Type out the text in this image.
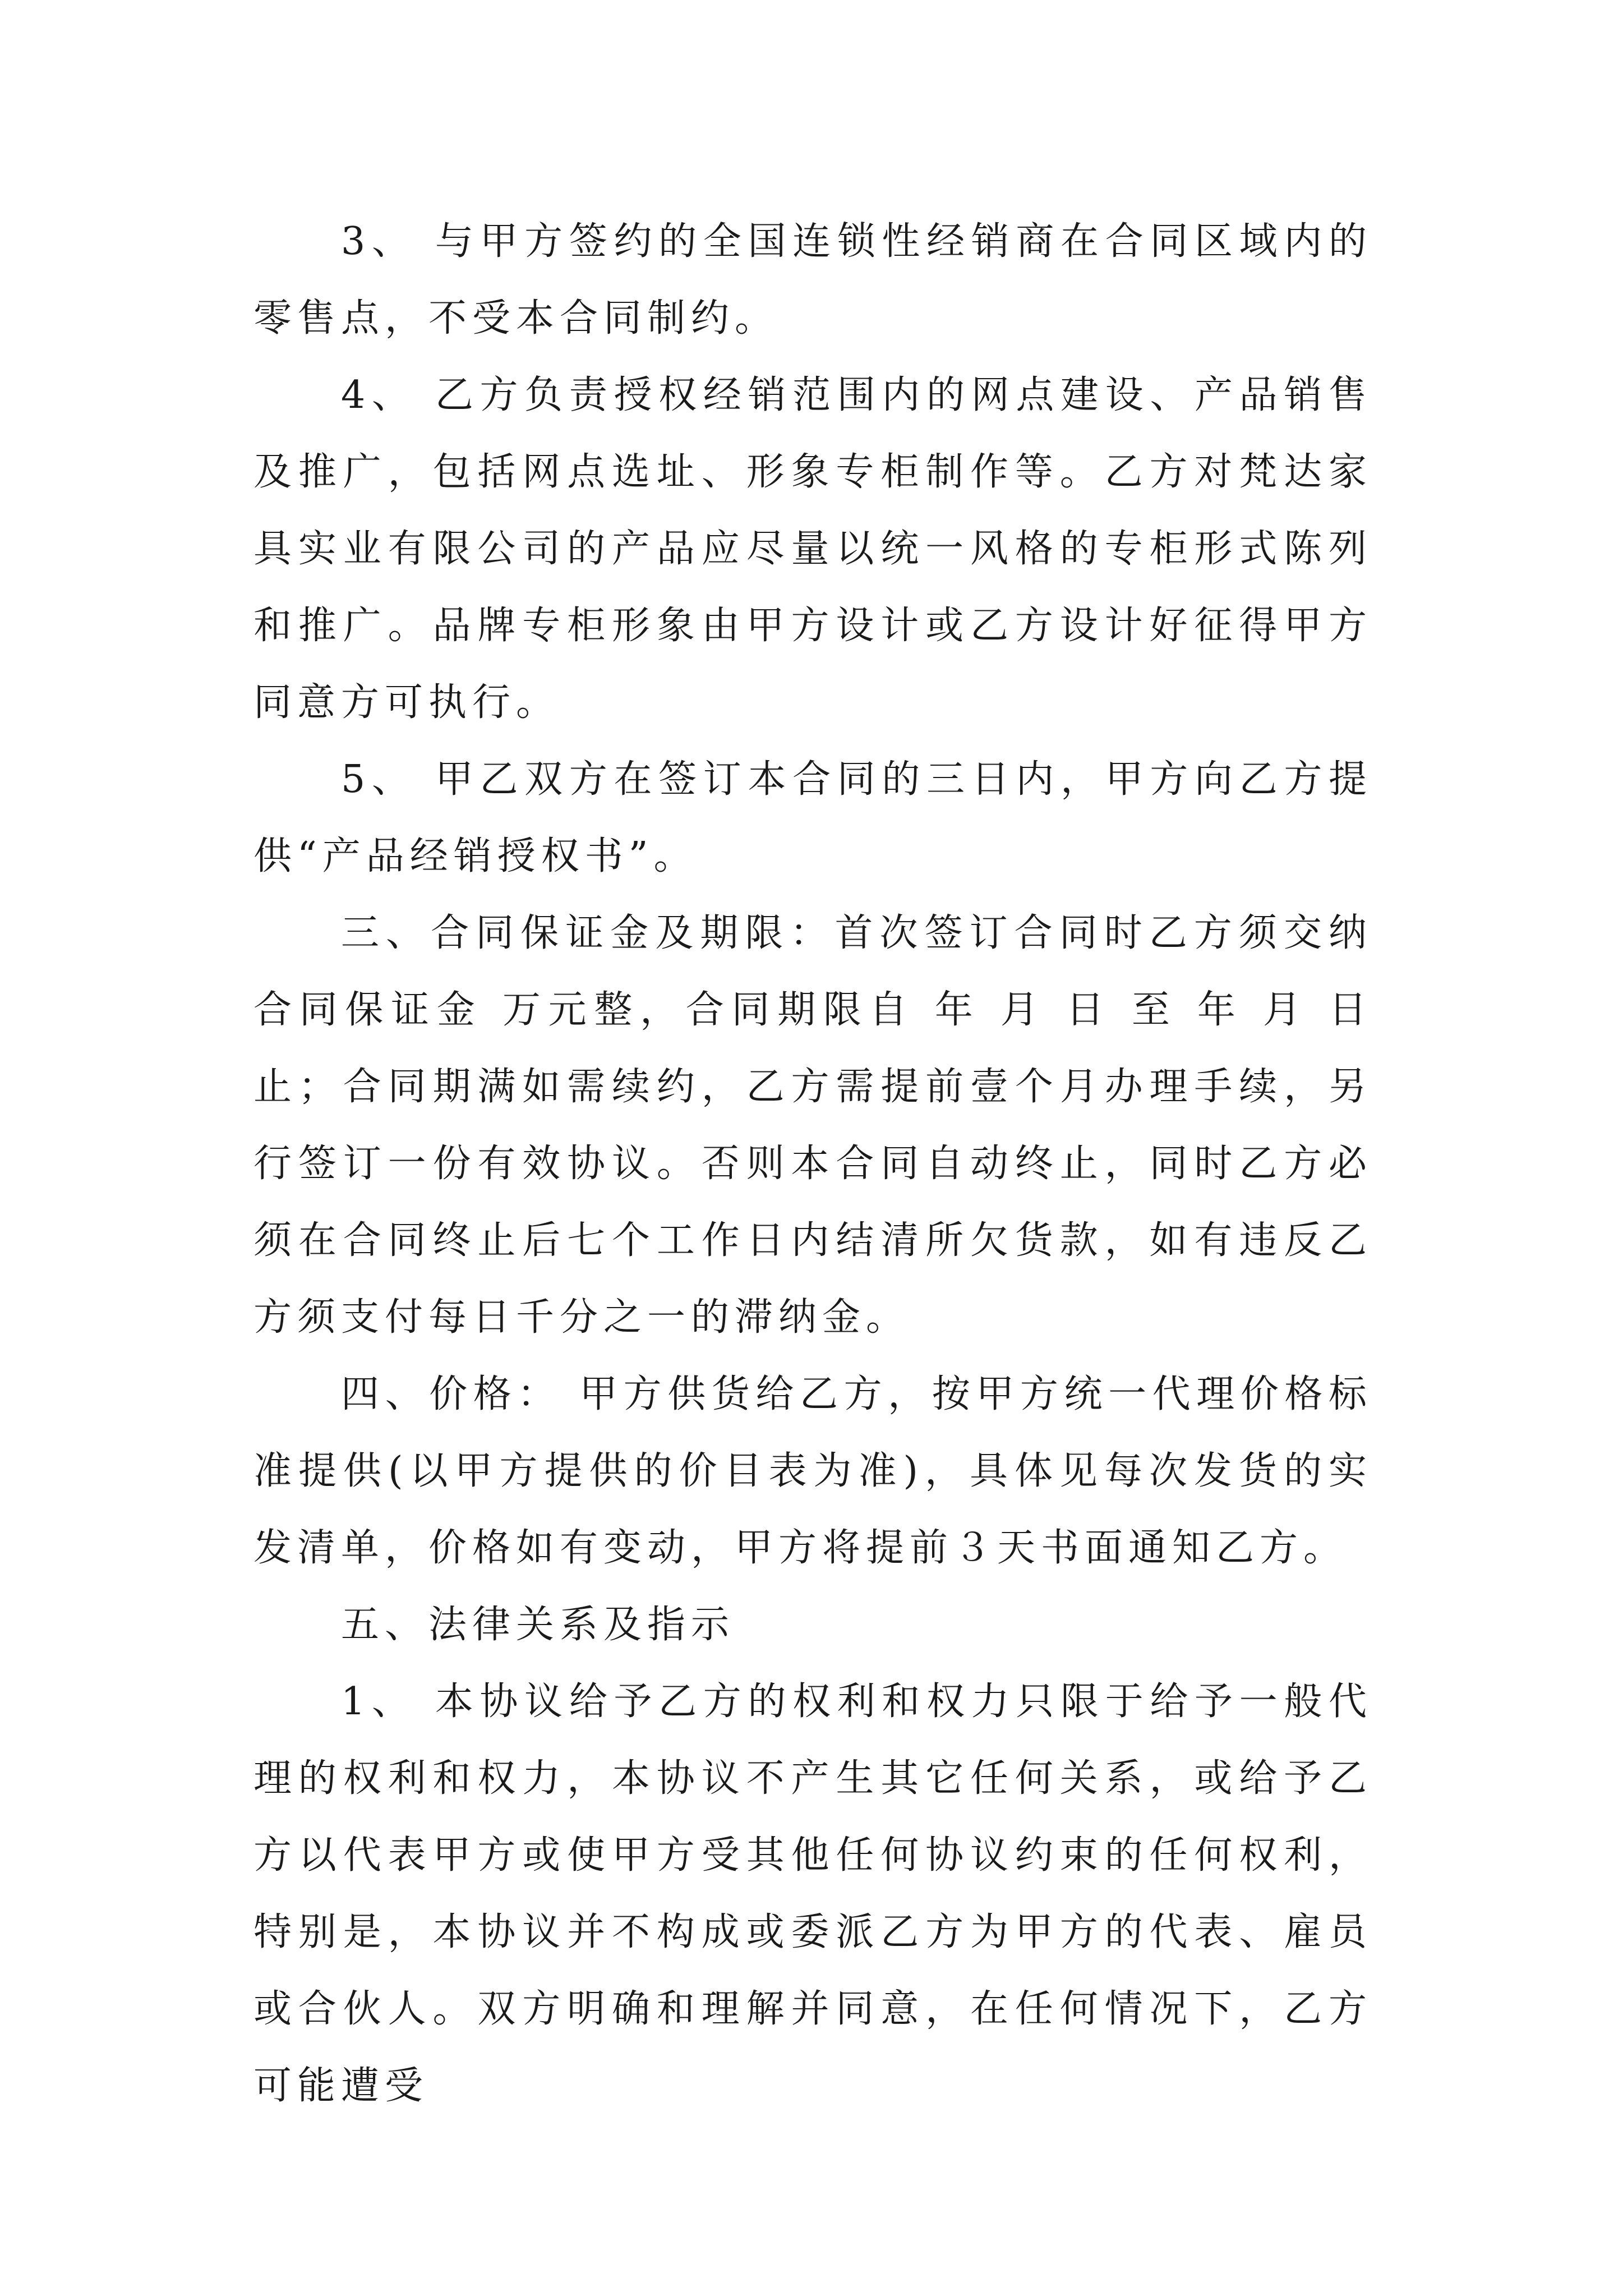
3、 与甲方签约的全国连锁性经销商在合同区域内的零售点，不受本合同制约。

4、 乙方负责授权经销范围内的网点建设、产品销售及推广，包括网点选址、形象专柜制作等。乙方对梵达家具实业有限公司的产品应尽量以统一风格的专柜形式陈列和推广。品牌专柜形象由甲方设计或乙方设计好征得甲方同意方可执行。

5、 甲乙双方在签订本合同的三日内，甲方向乙方提供“产品经销授权书”。

三、合同保证金及期限：首次签订合同时乙方须交纳合同保证金 万元整，合同期限自 年 月 日 至 年 月 日止；合同期满如需续约，乙方需提前壹个月办理手续，另行签订一份有效协议。否则本合同自动终止，同时乙方必须在合同终止后七个工作日内结清所欠货款，如有违反乙方须支付每日千分之一的滞纳金。

四、价格： 甲方供货给乙方，按甲方统一代理价格标准提供(以甲方提供的价目表为准)，具体见每次发货的实发清单，价格如有变动，甲方将提前３天书面通知乙方。

五、法律关系及指示

1、 本协议给予乙方的权利和权力只限于给予一般代理的权利和权力，本协议不产生其它任何关系，或给予乙方以代表甲方或使甲方受其他任何协议约束的任何权利，特别是，本协议并不构成或委派乙方为甲方的代表、雇员或合伙人。双方明确和理解并同意，在任何情况下，乙方可能遭受
